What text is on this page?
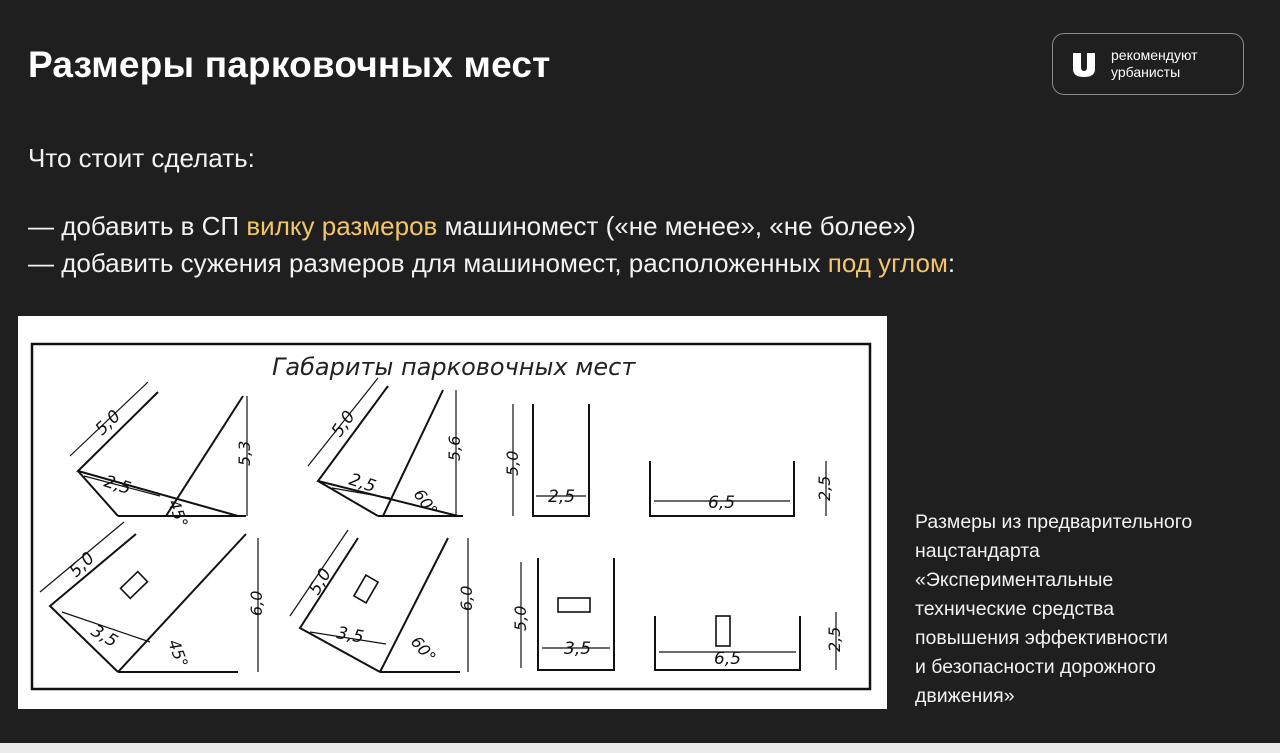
Размеры парковочных мест	рекомендуют
урбанисты
Что стоит сделать:
— добавить в СП вилку размеров машиномест («не менее», «не более»)
— добавить сужения размеров для машиномест, расположенных под углом:
Габариты парковочных мест
5,0
2,5
45°
5,3
5,0
2,5
60°
5,6
5,0
2,5	6,5
2,5
5,0
3,5
45°
6,0
5,0
3,5	60°
6,0
5,0
3,5	6,5
2,5
Размеры из предварительного
нацстандарта
«Экспериментальные
технические средства
повышения эффективности
и безопасности дорожного
движения»
